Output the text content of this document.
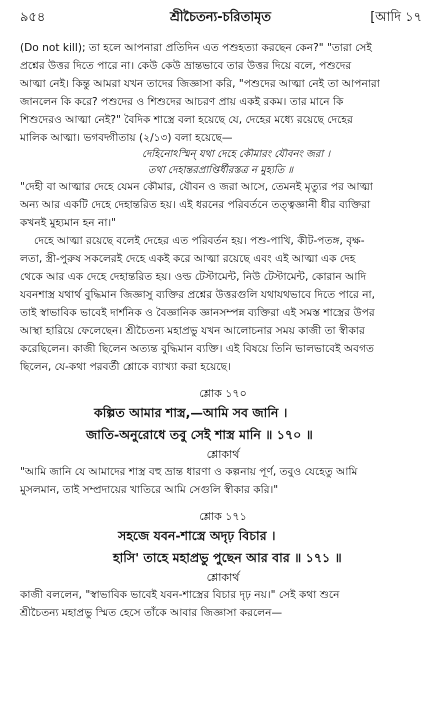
৯৫৪	শ্রীচৈতন্য-চরিতামৃত	[আদি ১৭

(Do not kill); তা হলে আপনারা প্রতিদিন এত পশুহত্যা করছেন কেন?" "তারা সেই
প্রশ্নের উত্তর দিতে পারে না। কেউ কেউ ভ্রান্তভাবে তার উত্তর দিয়ে বলে, পশুদের
আত্মা নেই। কিন্তু আমরা যখন তাদের জিজ্ঞাসা করি, "পশুদের আত্মা নেই তা আপনারা
জানলেন কি করে? পশুদের ও শিশুদের আচরণ প্রায় একই রকম। তার মানে কি
শিশুদেরও আত্মা নেই?" বৈদিক শাস্ত্রে বলা হয়েছে যে, দেহের মধ্যে রয়েছে দেহের
মালিক আত্মা। ভগবদ্গীতায় (২/১৩) বলা হয়েছে—

দেহিনোঽস্মিন্ যথা দেহে কৌমারং যৌবনং জরা ।
তথা দেহান্তরপ্রাপ্তির্ধীরস্তত্র ন মুহ্যতি ॥

"দেহী বা আত্মার দেহে যেমন কৌমার, যৌবন ও জরা আসে, তেমনই মৃত্যুর পর আত্মা
অন্য আর একটি দেহে দেহান্তরিত হয়। এই ধরনের পরিবর্তনে তত্ত্বজ্ঞানী ধীর ব্যক্তিরা
কখনই মুহ্যমান হন না।"

দেহে আত্মা রয়েছে বলেই দেহের এত পরিবর্তন হয়। পশু-পাখি, কীট-পতঙ্গ, বৃক্ষ-
লতা, স্ত্রী-পুরুষ সকলেরই দেহে একই করে আত্মা রয়েছে এবং এই আত্মা এক দেহ
থেকে আর এক দেহে দেহান্তরিত হয়। ওল্ড টেস্টামেন্ট, নিউ টেস্টামেন্ট, কোরান আদি
যবনশাস্ত্র যথার্থ বুদ্ধিমান জিজ্ঞাসু ব্যক্তির প্রশ্নের উত্তরগুলি যথাযথভাবে দিতে পারে না,
তাই স্বাভাবিক ভাবেই দার্শনিক ও বৈজ্ঞানিক জ্ঞানসম্পন্ন ব্যক্তিরা এই সমস্ত শাস্ত্রের উপর
আস্থা হারিয়ে ফেলেছেন। শ্রীচৈতন্য মহাপ্রভু যখন আলোচনার সময় কাজী তা স্বীকার
করেছিলেন। কাজী ছিলেন অত্যন্ত বুদ্ধিমান ব্যক্তি। এই বিষয়ে তিনি ভালভাবেই অবগত
ছিলেন, যে-কথা পরবর্তী শ্লোকে ব্যাখ্যা করা হয়েছে।

শ্লোক ১৭০

কল্পিত আমার শাস্ত্র,—আমি সব জানি ।

জাতি-অনুরোধে তবু সেই শাস্ত্র মানি ॥ ১৭০ ॥

শ্লোকার্থ

"আমি জানি যে আমাদের শাস্ত্র বহু ভ্রান্ত ধারণা ও কল্পনায় পূর্ণ, তবুও যেহেতু আমি
মুসলমান, তাই সম্প্রদায়ের খাতিরে আমি সেগুলি স্বীকার করি।"

শ্লোক ১৭১

সহজে যবন-শাস্ত্রে অদৃঢ় বিচার ।

হাসি' তাহে মহাপ্রভু পুছেন আর বার ॥ ১৭১ ॥

শ্লোকার্থ

কাজী বললেন, "স্বাভাবিক ভাবেই যবন-শাস্ত্রের বিচার দৃঢ় নয়।" সেই কথা শুনে
শ্রীচৈতন্য মহাপ্রভু স্মিত হেসে তাঁকে আবার জিজ্ঞাসা করলেন—
